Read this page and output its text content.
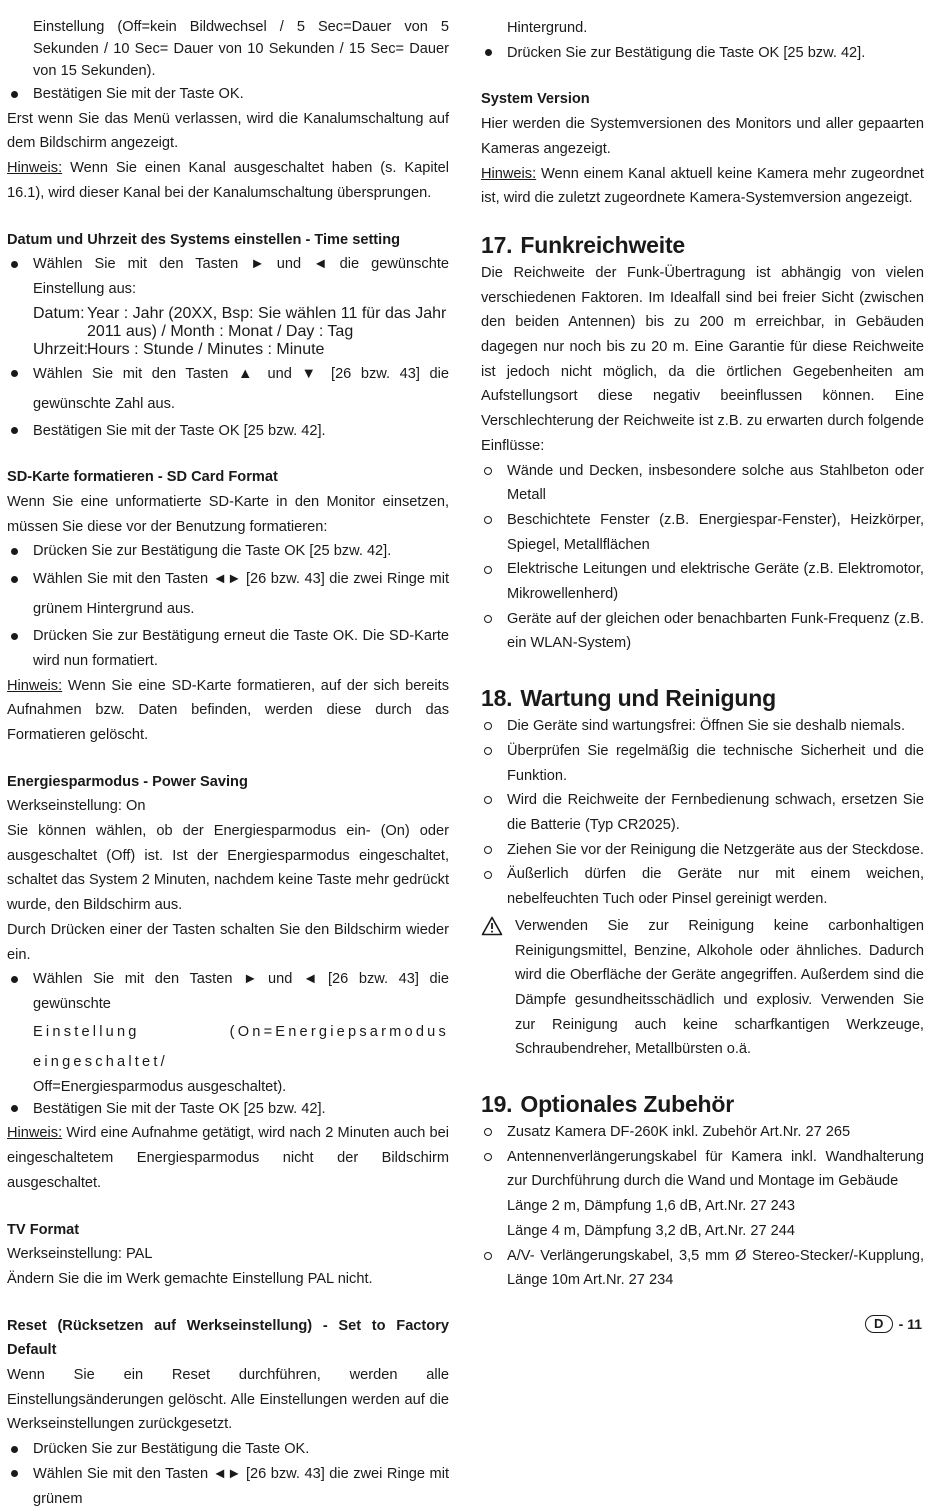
Einstellung (Off=kein Bildwechsel / 5 Sec=Dauer von 5 Sekunden / 10 Sec= Dauer von 10 Sekunden / 15 Sec= Dauer von 15 Sekunden).

Bestätigen Sie mit der Taste OK.

Erst wenn Sie das Menü verlassen, wird die Kanalumschaltung auf dem Bildschirm angezeigt.

Hinweis: Wenn Sie einen Kanal ausgeschaltet haben (s. Kapitel 16.1), wird dieser Kanal bei der Kanalumschaltung übersprungen.

Datum und Uhrzeit des Systems einstellen - Time setting
Wählen Sie mit den Tasten ► und ◄ die gewünschte Einstellung aus:
Datum: Year : Jahr (20XX, Bsp: Sie wählen 11 für das Jahr 2011 aus) / Month : Monat / Day : Tag
Uhrzeit:
Hours : Stunde / Minutes : Minute
Wählen Sie mit den Tasten ▲ und ▼ [26 bzw. 43] die gewünschte Zahl aus.
Bestätigen Sie mit der Taste OK [25 bzw. 42].
SD-Karte formatieren - SD Card Format

Wenn Sie eine unformatierte SD-Karte in den Monitor einsetzen, müssen Sie diese vor der Benutzung formatieren:

Drücken Sie zur Bestätigung die Taste OK [25 bzw. 42].
Wählen Sie mit den Tasten ◄► [26 bzw. 43] die zwei Ringe mit grünem Hintergrund aus.
Drücken Sie zur Bestätigung erneut die Taste OK. Die SD-Karte wird nun formatiert.

Hinweis: Wenn Sie eine SD-Karte formatieren, auf der sich bereits Aufnahmen bzw. Daten befinden, werden diese durch das Formatieren gelöscht.

Energiesparmodus - Power Saving

Werkseinstellung: On

Sie können wählen, ob der Energiesparmodus ein- (On) oder ausgeschaltet (Off) ist. Ist der Energiesparmodus eingeschaltet, schaltet das System 2 Minuten, nachdem keine Taste mehr gedrückt wurde, den Bildschirm aus.

Durch Drücken einer der Tasten schalten Sie den Bildschirm wieder ein.

Wählen Sie mit den Tasten ► und ◄ [26 bzw. 43] die gewünschte
Einstellung (On=Energiepsarmodus eingeschaltet/
Off=Energiesparmodus ausgeschaltet).
Bestätigen Sie mit der Taste OK [25 bzw. 42].

Hinweis: Wird eine Aufnahme getätigt, wird nach 2 Minuten auch bei eingeschaltetem Energiesparmodus nicht der Bildschirm ausgeschaltet.

TV Format

Werkseinstellung: PAL

Ändern Sie die im Werk gemachte Einstellung PAL nicht.

Reset (Rücksetzen auf Werkseinstellung) - Set to Factory Default

Wenn Sie ein Reset durchführen, werden alle Einstellungsänderungen gelöscht. Alle Einstellungen werden auf die Werkseinstellungen zurückgesetzt.

Drücken Sie zur Bestätigung die Taste OK.
Wählen Sie mit den Tasten ◄► [26 bzw. 43] die zwei Ringe mit grünem

Hintergrund.

Drücken Sie zur Bestätigung die Taste OK [25 bzw. 42].
System Version

Hier werden die Systemversionen des Monitors und aller gepaarten Kameras angezeigt.

Hinweis: Wenn einem Kanal aktuell keine Kamera mehr zugeordnet ist, wird die zuletzt zugeordnete Kamera-Systemversion angezeigt.

17. Funkreichweite

Die Reichweite der Funk-Übertragung ist abhängig von vielen verschiedenen Faktoren. Im Idealfall sind bei freier Sicht (zwischen den beiden Antennen) bis zu 200 m erreichbar, in Gebäuden dagegen nur noch bis zu 20 m. Eine Garantie für diese Reichweite ist jedoch nicht möglich, da die örtlichen Gegebenheiten am Aufstellungsort diese negativ beeinflussen können. Eine Verschlechterung der Reichweite ist z.B. zu erwarten durch folgende Einflüsse:

Wände und Decken, insbesondere solche aus Stahlbeton oder Metall
Beschichtete Fenster (z.B. Energiespar-Fenster), Heizkörper, Spiegel, Metallflächen
Elektrische Leitungen und elektrische Geräte (z.B. Elektromotor, Mikrowellenherd)
Geräte auf der gleichen oder benachbarten Funk-Frequenz (z.B. ein WLAN-System)
18. Wartung und Reinigung
Die Geräte sind wartungsfrei: Öffnen Sie sie deshalb niemals.
Überprüfen Sie regelmäßig die technische Sicherheit und die Funktion.
Wird die Reichweite der Fernbedienung schwach, ersetzen Sie die Batterie (Typ CR2025).
Ziehen Sie vor der Reinigung die Netzgeräte aus der Steckdose.
Äußerlich dürfen die Geräte nur mit einem weichen, nebelfeuchten Tuch oder Pinsel gereinigt werden.
Verwenden Sie zur Reinigung keine carbonhaltigen Reinigungsmittel, Benzine, Alkohole oder ähnliches. Dadurch wird die Oberfläche der Geräte angegriffen. Außerdem sind die Dämpfe gesundheitsschädlich und explosiv. Verwenden Sie zur Reinigung auch keine scharfkantigen Werkzeuge, Schraubendreher, Metallbürsten o.ä.
19. Optionales Zubehör
Zusatz Kamera DF-260K inkl. Zubehör Art.Nr. 27 265
Antennenverlängerungskabel für Kamera inkl. Wandhalterung zur Durchführung durch die Wand und Montage im Gebäude
Länge 2 m, Dämpfung 1,6 dB, Art.Nr. 27 243
Länge 4 m, Dämpfung 3,2 dB, Art.Nr. 27 244
A/V- Verlängerungskabel, 3,5 mm Ø Stereo-Stecker/-Kupplung, Länge 10m Art.Nr. 27 234
D	- 11
